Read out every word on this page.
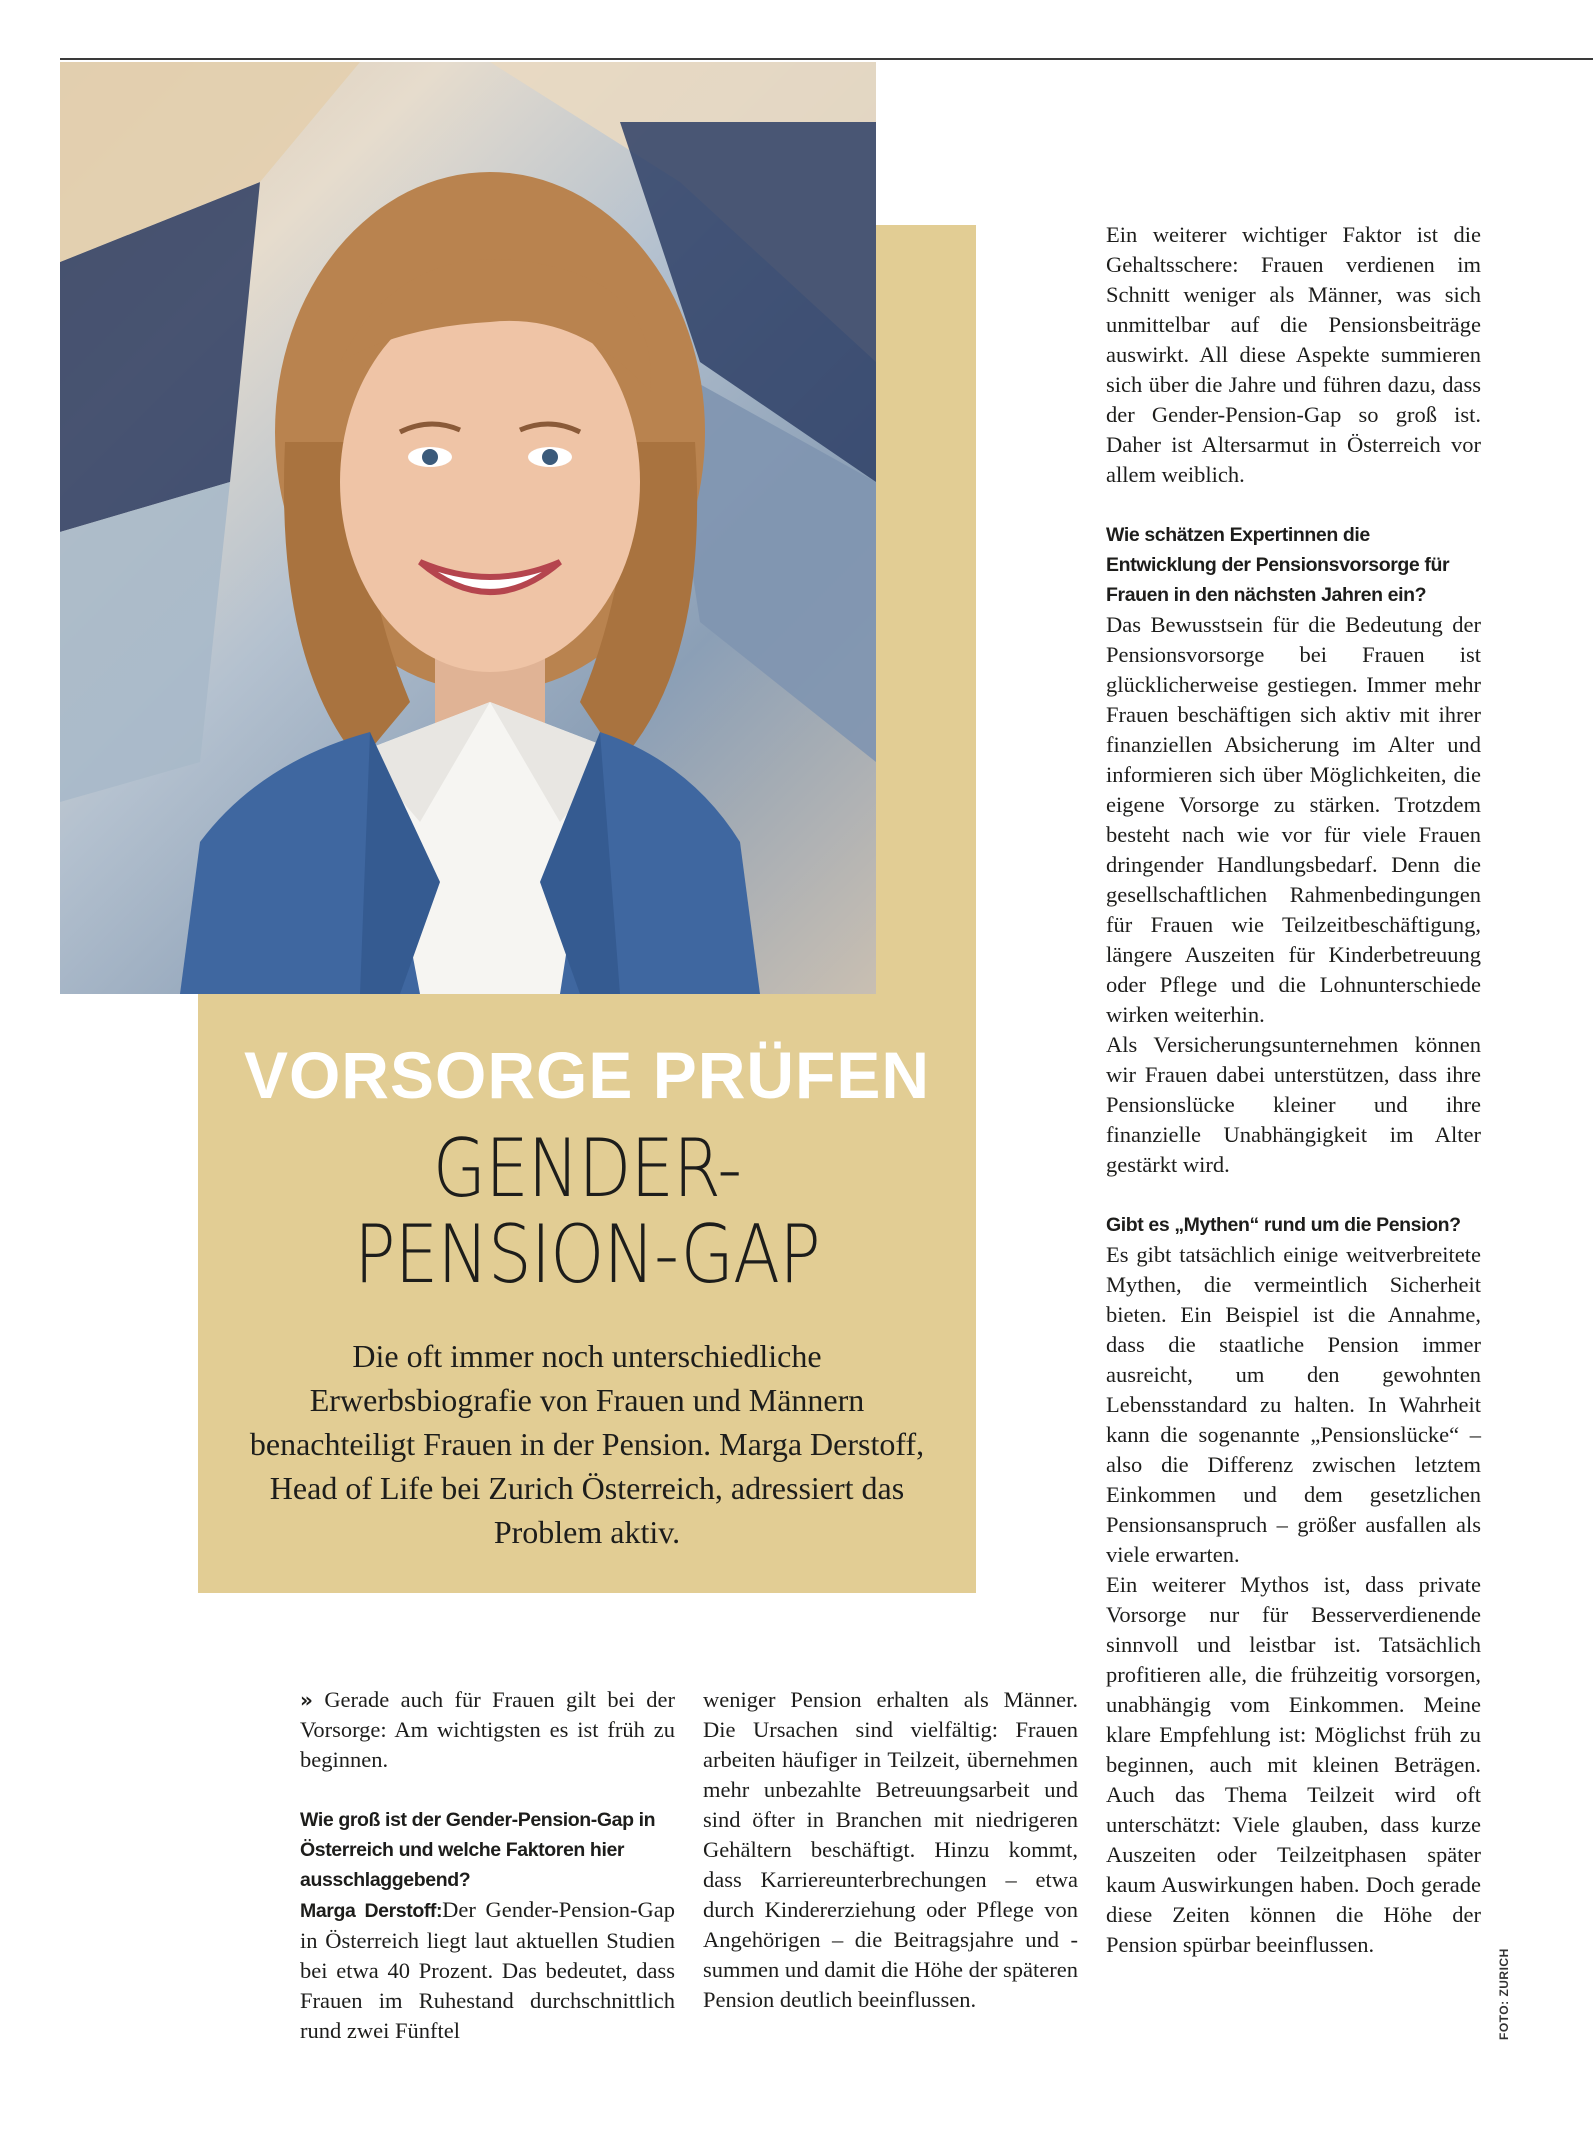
VORSORGE PRÜFEN
GENDER-
PENSION-GAP
Die oft immer noch unterschiedliche Erwerbsbiografie von Frauen und Männern benachteiligt Frauen in der Pension. Marga Derstoff, Head of Life bei Zurich Österreich, adressiert das Problem aktiv.

» Gerade auch für Frauen gilt bei der Vorsorge: Am wichtigsten es ist früh zu beginnen.

Wie groß ist der Gender-Pension-Gap in Österreich und welche Faktoren hier ausschlaggebend?

Marga Derstoff:Der Gender-Pension-Gap in Österreich liegt laut aktuellen Studien bei etwa 40 Prozent. Das bedeutet, dass Frauen im Ruhestand durchschnittlich rund zwei Fünftel

weniger Pension erhalten als Männer. Die Ursachen sind vielfältig: Frauen arbeiten häufiger in Teilzeit, übernehmen mehr unbezahlte Betreuungsarbeit und sind öfter in Branchen mit niedrigeren Gehältern beschäftigt. Hinzu kommt, dass Karriereunterbrechungen – etwa durch Kindererziehung oder Pflege von Angehörigen – die Beitragsjahre und -summen und damit die Höhe der späteren Pension deutlich beeinflussen.

Ein weiterer wichtiger Faktor ist die Gehaltsschere: Frauen verdienen im Schnitt weniger als Männer, was sich unmittelbar auf die Pensionsbeiträge auswirkt. All diese Aspekte summieren sich über die Jahre und führen dazu, dass der Gender-Pension-Gap so groß ist. Daher ist Altersarmut in Österreich vor allem weiblich.

Wie schätzen Expertinnen die Entwicklung der Pensionsvorsorge für Frauen in den nächsten Jahren ein?

Das Bewusstsein für die Bedeutung der Pensionsvorsorge bei Frauen ist glücklicherweise gestiegen. Immer mehr Frauen beschäftigen sich aktiv mit ihrer finanziellen Absicherung im Alter und informieren sich über Möglichkeiten, die eigene Vorsorge zu stärken. Trotzdem besteht nach wie vor für viele Frauen dringender Handlungsbedarf. Denn die gesellschaftlichen Rahmenbedingungen für Frauen wie Teilzeitbeschäftigung, längere Auszeiten für Kinderbetreuung oder Pflege und die Lohnunterschiede wirken weiterhin.

Als Versicherungsunternehmen können wir Frauen dabei unterstützen, dass ihre Pensionslücke kleiner und ihre finanzielle Unabhängigkeit im Alter gestärkt wird.

Gibt es „Mythen“ rund um die Pension?

Es gibt tatsächlich einige weitverbreitete Mythen, die vermeintlich Sicherheit bieten. Ein Beispiel ist die Annahme, dass die staatliche Pension immer ausreicht, um den gewohnten Lebensstandard zu halten. In Wahrheit kann die sogenannte „Pensionslücke“ – also die Differenz zwischen letztem Einkommen und dem gesetzlichen Pensionsanspruch – größer ausfallen als viele erwarten.

Ein weiterer Mythos ist, dass private Vorsorge nur für Besserverdienende sinnvoll und leistbar ist. Tatsächlich profitieren alle, die frühzeitig vorsorgen, unabhängig vom Einkommen. Meine klare Empfehlung ist: Möglichst früh zu beginnen, auch mit kleinen Beträgen. Auch das Thema Teilzeit wird oft unterschätzt: Viele glauben, dass kurze Auszeiten oder Teilzeitphasen später kaum Auswirkungen haben. Doch gerade diese Zeiten können die Höhe der Pension spürbar beeinflussen.

FOTO: ZURICH
